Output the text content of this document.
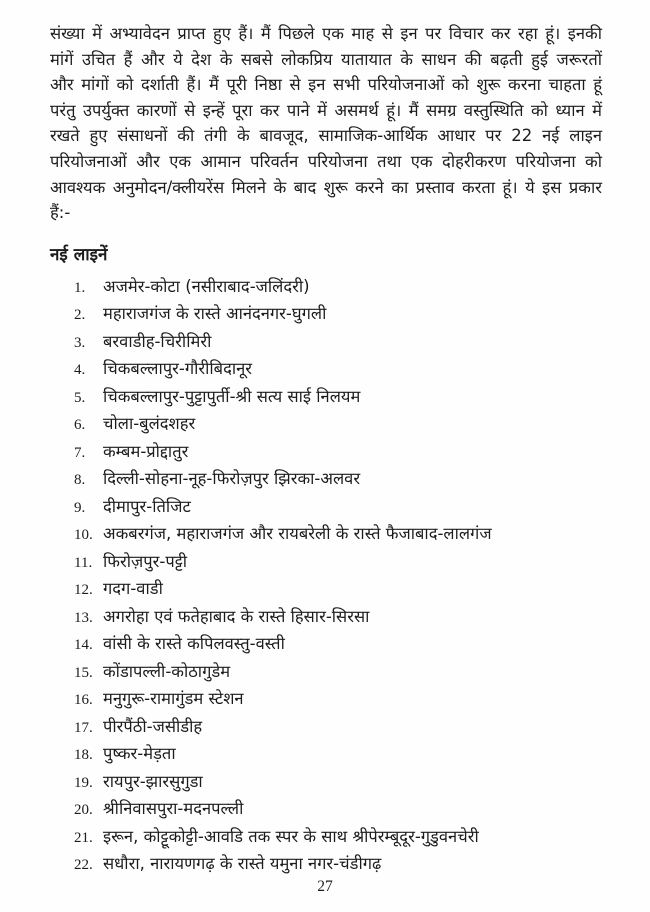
संख्या में अभ्यावेदन प्राप्त हुए हैं। मैं पिछले एक माह से इन पर विचार कर रहा हूं। इनकी मांगें उचित हैं और ये देश के सबसे लोकप्रिय यातायात के साधन की बढ़ती हुई जरूरतों और मांगों को दर्शाती हैं। मैं पूरी निष्ठा से इन सभी परियोजनाओं को शुरू करना चाहता हूं परंतु उपर्युक्त कारणों से इन्हें पूरा कर पाने में असमर्थ हूं। मैं समग्र वस्तुस्थिति को ध्यान में रखते हुए संसाधनों की तंगी के बावजूद, सामाजिक-आर्थिक आधार पर 22 नई लाइन परियोजनाओं और एक आमान परिवर्तन परियोजना तथा एक दोहरीकरण परियोजना को आवश्यक अनुमोदन/क्लीयरेंस मिलने के बाद शुरू करने का प्रस्ताव करता हूं। ये इस प्रकार हैं:-

नई लाइनें
1.	अजमेर-कोटा (नसीराबाद-जलिंदरी)
2.	महाराजगंज के रास्ते आनंदनगर-घुगली
3.	बरवाडीह-चिरीमिरी
4.	चिकबल्लापुर-गौरीबिदानूर
5.	चिकबल्लापुर-पुट्टापुर्ती-श्री सत्य साई निलयम
6.	चोला-बुलंदशहर
7.	कम्बम-प्रोद्दातुर
8.	दिल्ली-सोहना-नूह-फिरोज़पुर झिरका-अलवर
9.	दीमापुर-तिजिट
10. अकबरगंज, महाराजगंज और रायबरेली के रास्ते फैजाबाद-लालगंज
11. फिरोज़पुर-पट्टी
12. गदग-वाडी
13. अगरोहा एवं फतेहाबाद के रास्ते हिसार-सिरसा
14. वांसी के रास्ते कपिलवस्तु-वस्ती
15. कोंडापल्ली-कोठागुडेम
16. मनुगुरू-रामागुंडम स्टेशन
17. पीरपैंठी-जसीडीह
18. पुष्कर-मेड़ता
19. रायपुर-झारसुगुडा
20. श्रीनिवासपुरा-मदनपल्ली
21. इरून, कोट्टूकोट्टी-आवडि तक स्पर के साथ श्रीपेरम्बूदूर-गुडुवनचेरी
22. सधौरा, नारायणगढ़ के रास्ते यमुना नगर-चंडीगढ़
27
